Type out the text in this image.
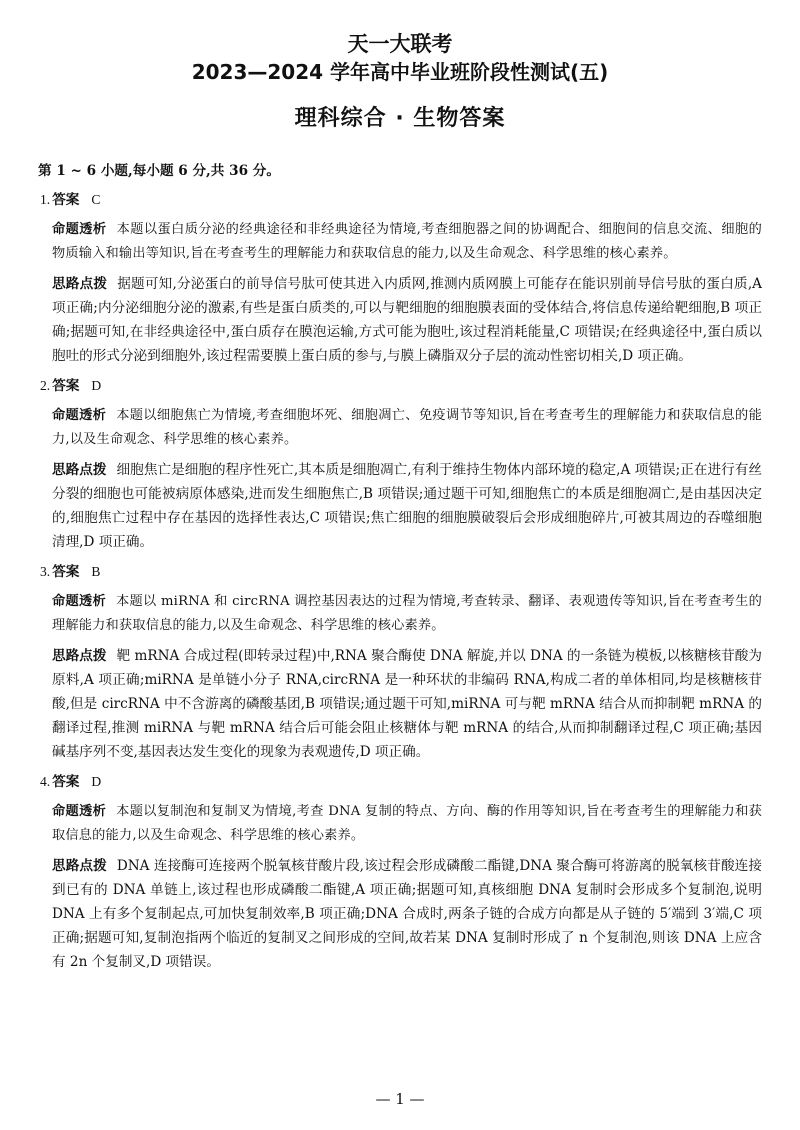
天一大联考
2023—2024 学年高中毕业班阶段性测试(五)
理科综合 · 生物答案
第 1 ~ 6 小题,每小题 6 分,共 36 分。
1. 答案 C
命题透析 本题以蛋白质分泌的经典途径和非经典途径为情境,考查细胞器之间的协调配合、细胞间的信息交流、细胞的物质输入和输出等知识,旨在考查考生的理解能力和获取信息的能力,以及生命观念、科学思维的核心素养。
思路点拨 据题可知,分泌蛋白的前导信号肽可使其进入内质网,推测内质网膜上可能存在能识别前导信号肽的蛋白质,A 项正确;内分泌细胞分泌的激素,有些是蛋白质类的,可以与靶细胞的细胞膜表面的受体结合,将信息传递给靶细胞,B 项正确;据题可知,在非经典途径中,蛋白质存在膜泡运输,方式可能为胞吐,该过程消耗能量,C 项错误;在经典途径中,蛋白质以胞吐的形式分泌到细胞外,该过程需要膜上蛋白质的参与,与膜上磷脂双分子层的流动性密切相关,D 项正确。
2. 答案 D
命题透析 本题以细胞焦亡为情境,考查细胞坏死、细胞凋亡、免疫调节等知识,旨在考查考生的理解能力和获取信息的能力,以及生命观念、科学思维的核心素养。
思路点拨 细胞焦亡是细胞的程序性死亡,其本质是细胞凋亡,有利于维持生物体内部环境的稳定,A 项错误;正在进行有丝分裂的细胞也可能被病原体感染,进而发生细胞焦亡,B 项错误;通过题干可知,细胞焦亡的本质是细胞凋亡,是由基因决定的,细胞焦亡过程中存在基因的选择性表达,C 项错误;焦亡细胞的细胞膜破裂后会形成细胞碎片,可被其周边的吞噬细胞清理,D 项正确。
3. 答案 B
命题透析 本题以 miRNA 和 circRNA 调控基因表达的过程为情境,考查转录、翻译、表观遗传等知识,旨在考查考生的理解能力和获取信息的能力,以及生命观念、科学思维的核心素养。
思路点拨 靶 mRNA 合成过程(即转录过程)中,RNA 聚合酶使 DNA 解旋,并以 DNA 的一条链为模板,以核糖核苷酸为原料,A 项正确;miRNA 是单链小分子 RNA,circRNA 是一种环状的非编码 RNA,构成二者的单体相同,均是核糖核苷酸,但是 circRNA 中不含游离的磷酸基团,B 项错误;通过题干可知,miRNA 可与靶 mRNA 结合从而抑制靶 mRNA 的翻译过程,推测 miRNA 与靶 mRNA 结合后可能会阻止核糖体与靶 mRNA 的结合,从而抑制翻译过程,C 项正确;基因碱基序列不变,基因表达发生变化的现象为表观遗传,D 项正确。
4. 答案 D
命题透析 本题以复制泡和复制叉为情境,考查 DNA 复制的特点、方向、酶的作用等知识,旨在考查考生的理解能力和获取信息的能力,以及生命观念、科学思维的核心素养。
思路点拨 DNA 连接酶可连接两个脱氧核苷酸片段,该过程会形成磷酸二酯键,DNA 聚合酶可将游离的脱氧核苷酸连接到已有的 DNA 单链上,该过程也形成磷酸二酯键,A 项正确;据题可知,真核细胞 DNA 复制时会形成多个复制泡,说明 DNA 上有多个复制起点,可加快复制效率,B 项正确;DNA 合成时,两条子链的合成方向都是从子链的 5′端到 3′端,C 项正确;据题可知,复制泡指两个临近的复制叉之间形成的空间,故若某 DNA 复制时形成了 n 个复制泡,则该 DNA 上应含有 2n 个复制叉,D 项错误。
— 1 —
